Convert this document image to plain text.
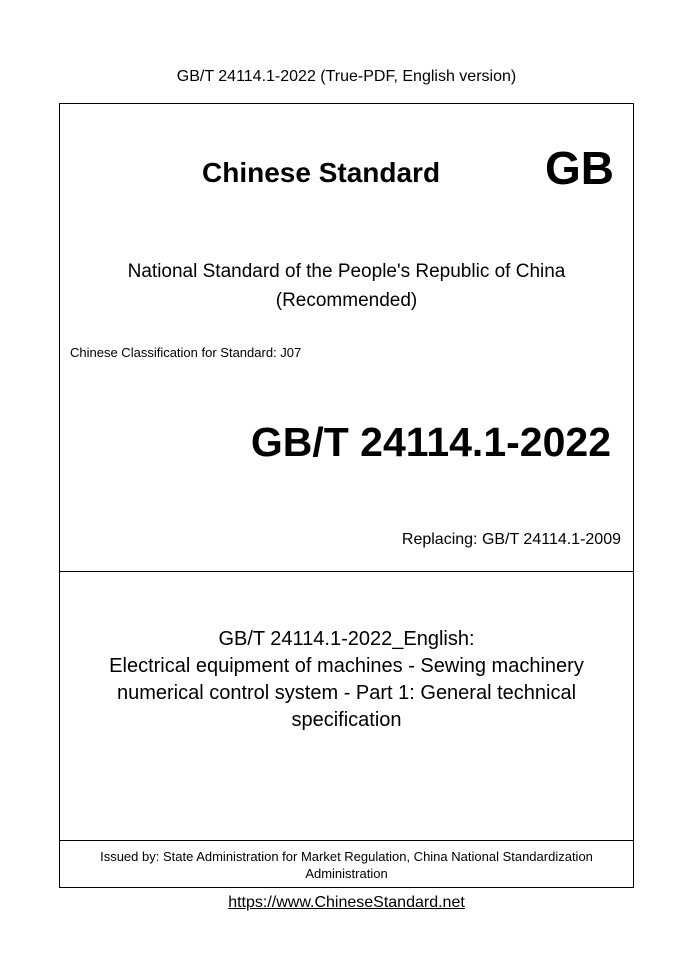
GB/T 24114.1-2022 (True-PDF, English version)
Chinese Standard GB
National Standard of the People's Republic of China
(Recommended)
Chinese Classification for Standard: J07
GB/T 24114.1-2022
Replacing: GB/T 24114.1-2009
GB/T 24114.1-2022_English:
Electrical equipment of machines - Sewing machinery
numerical control system - Part 1: General technical
specification
Issued by: State Administration for Market Regulation, China National Standardization
Administration
https://www.ChineseStandard.net
